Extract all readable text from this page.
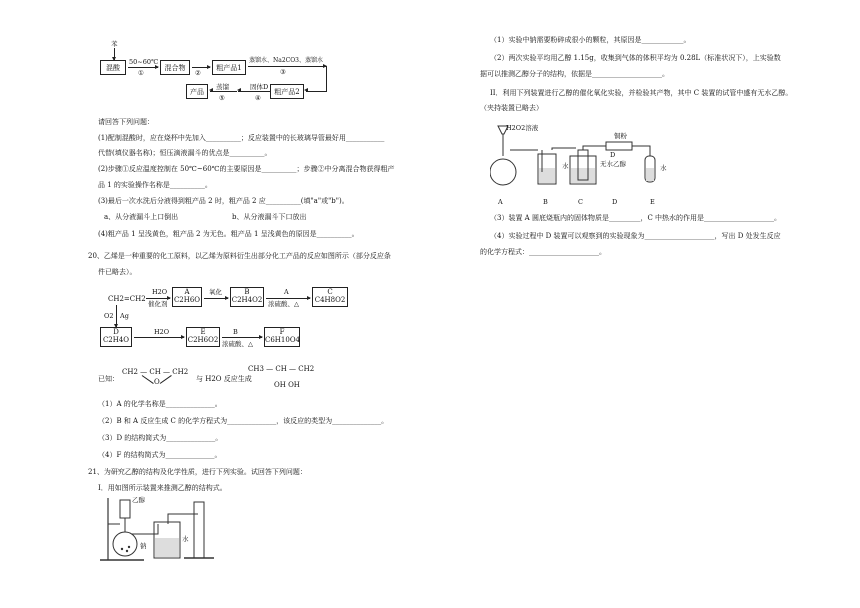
苯
混酸
50~60℃
①
混合物
②
粗产品1
蒸馏水、Na2CO3、蒸馏水
③
粗产品2
固体D
④
蒸馏
⑤
产品
请回答下列问题：
(1)配制混酸时，应在烧杯中先加入__________；反应装置中的长玻璃导管最好用___________
代替(填仪器名称)；恒压滴液漏斗的优点是__________。
(2)步骤①反应温度控制在 50℃~60℃的主要原因是__________；步骤②中分离混合物获得粗产
品 1 的实验操作名称是__________。
(3)最后一次水洗后分液得到粗产品 2 时，粗产品 2 应__________(填"a"或"b")。
a、从分液漏斗上口倒出	b、从分液漏斗下口放出
(4)粗产品 1 呈浅黄色，粗产品 2 为无色。粗产品 1 呈浅黄色的原因是__________。
20、乙烯是一种重要的化工原料，以乙烯为原料衍生出部分化工产品的反应如图所示（部分反应条
件已略去）。
CH2=CH2
H2O
催化剂
A
C2H6O
氧化	B
C2H4O2
A
浓硫酸、△
C
C4H8O2
O2 Ag
D
C2H4O
H2O	E
C2H6O2
B
浓硫酸、△
F
C6H10O4
已知：
CH2 — CH — CH2
O	与 H2O 反应生成
CH3 — CH — CH2
OH OH
（1）A 的化学名称是______________。
（2）B 和 A 反应生成 C 的化学方程式为______________，该反应的类型为______________。
（3）D 的结构简式为______________。
（4）F 的结构简式为______________。
21、为研究乙醇的结构及化学性质，进行下列实验。试回答下列问题：
I．用如图所示装置来推测乙醇的结构式。
乙醇
钠
水
（1）实验中钠需要粉碎成很小的颗粒，其原因是____________。
（2）两次实验平均用乙醇 1.15g，收集到气体的体积平均为 0.28L（标准状况下），上实验数
据可以推测乙醇分子的结构，依据是____________________。
II．利用下列装置进行乙醇的催化氧化实验，并检验其产物，其中 C 装置的试管中盛有无水乙醇。
（夹持装置已略去）
H2O2溶液
铜粉
水
D
无水乙醇	水
A	B	C	D	E
（3）装置 A 圆底烧瓶内的固体物质是_________，C 中热水的作用是____________________。
（4）实验过程中 D 装置可以观察到的实验现象为____________________，写出 D 处发生反应
的化学方程式：____________________。
